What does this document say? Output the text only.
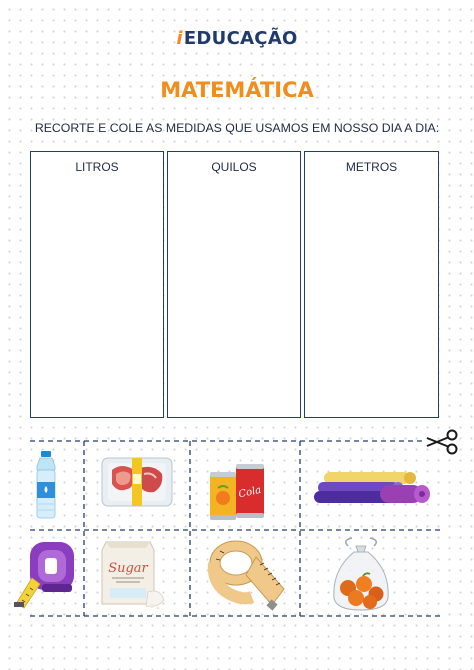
iEDUCAÇÃO
MATEMÁTICA
RECORTE E COLE AS MEDIDAS QUE USAMOS EM NOSSO DIA A DIA:
LITROS	QUILOS	METROS
Cola
Sugar
